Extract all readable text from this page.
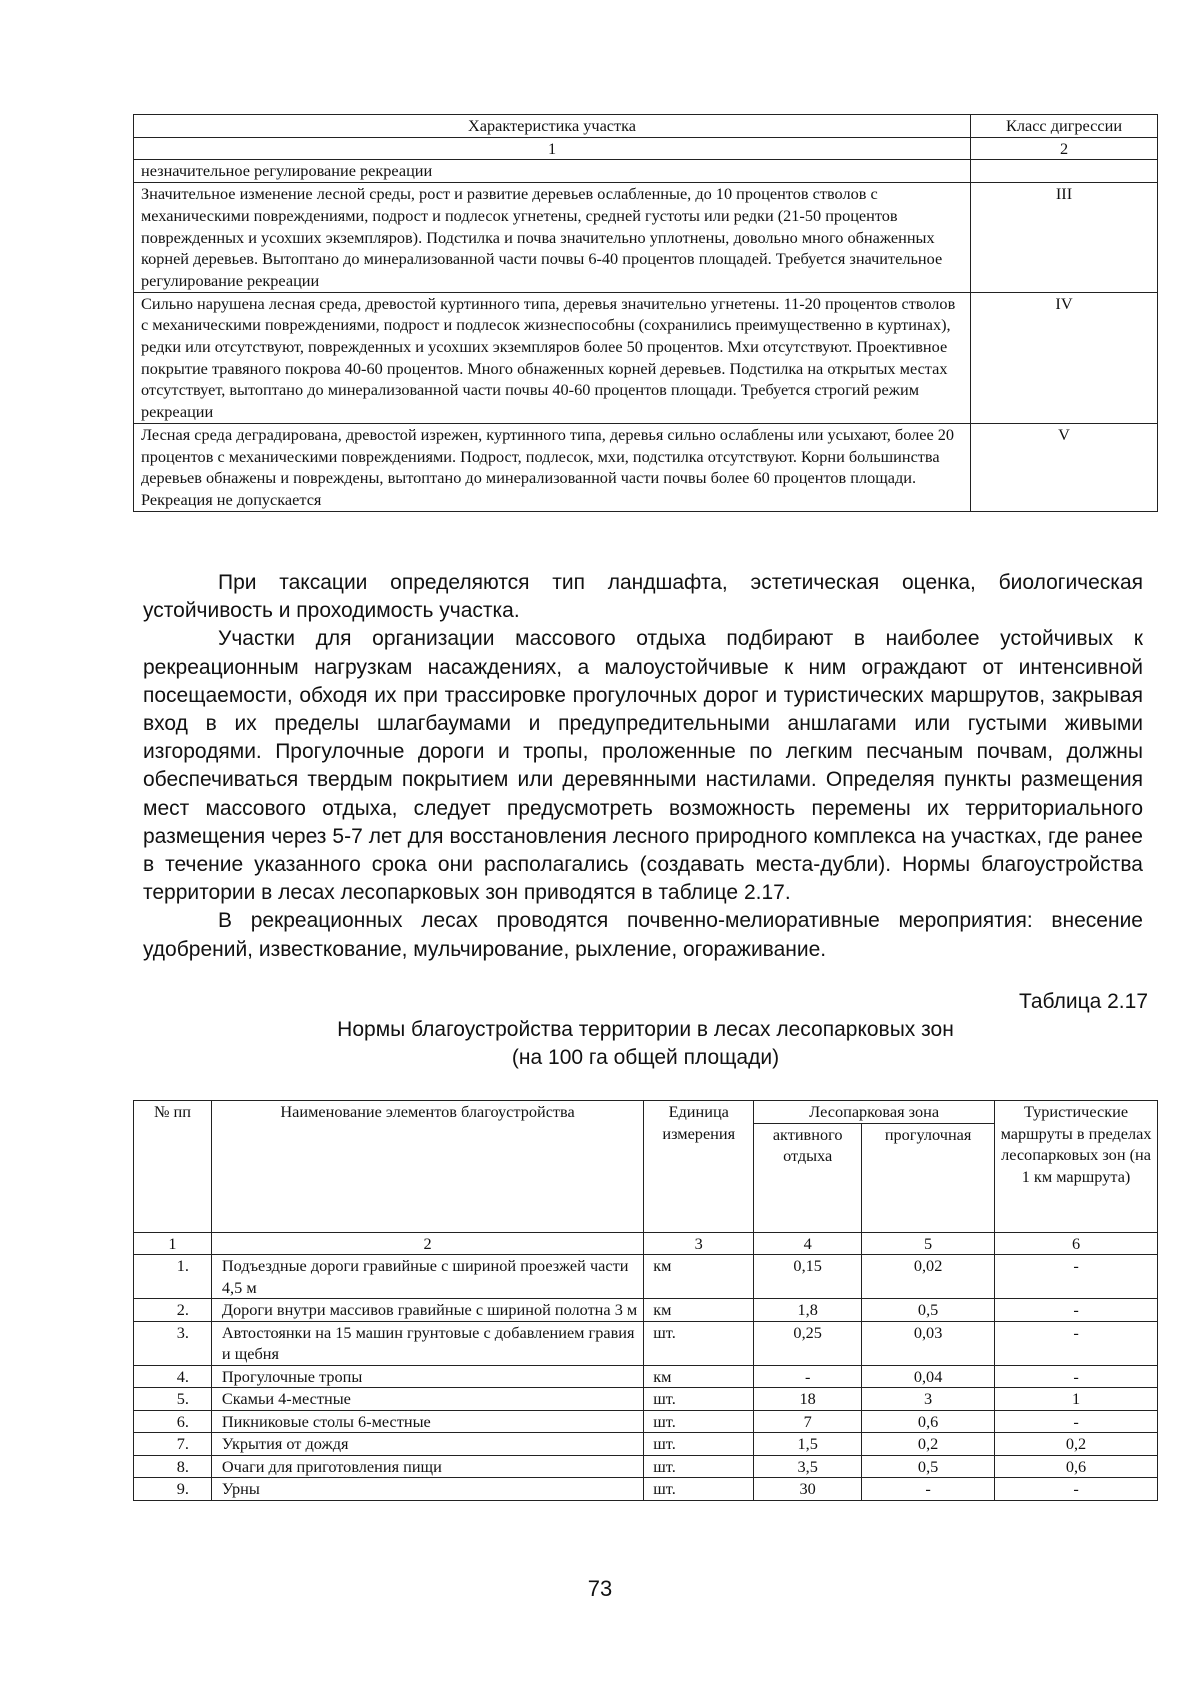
Характеристика участка	Класс дигрессии
1	2
незначительное регулирование рекреации	
Значительное изменение лесной среды, рост и развитие деревьев ослабленные, до 10 процентов стволов с механическими повреждениями, подрост и подлесок угнетены, средней густоты или редки (21-50 процентов поврежденных и усохших экземпляров). Подстилка и почва значительно уплотнены, довольно много обнаженных корней деревьев. Вытоптано до минерализованной части почвы 6-40 процентов площадей. Требуется значительное регулирование рекреации	III
Сильно нарушена лесная среда, древостой куртинного типа, деревья значительно угнетены. 11-20 процентов стволов с механическими повреждениями, подрост и подлесок жизнеспособны (сохранились преимущественно в куртинах), редки или отсутствуют, поврежденных и усохших экземпляров более 50 процентов. Мхи отсутствуют. Проективное покрытие травяного покрова 40-60 процентов. Много обнаженных корней деревьев. Подстилка на открытых местах отсутствует, вытоптано до минерализованной части почвы 40-60 процентов площади. Требуется строгий режим рекреации	IV
Лесная среда деградирована, древостой изрежен, куртинного типа, деревья сильно ослаблены или усыхают, более 20 процентов с механическими повреждениями. Подрост, подлесок, мхи, подстилка отсутствуют. Корни большинства деревьев обнажены и повреждены, вытоптано до минерализованной части почвы более 60 процентов площади. Рекреация не допускается	V

При таксации определяются тип ландшафта, эстетическая оценка, биологическая устойчивость и проходимость участка.

Участки для организации массового отдыха подбирают в наиболее устойчивых к рекреационным нагрузкам насаждениях, а малоустойчивые к ним ограждают от интенсивной посещаемости, обходя их при трассировке прогулочных дорог и туристических маршрутов, закрывая вход в их пределы шлагбаумами и предупредительными аншлагами или густыми живыми изгородями. Прогулочные дороги и тропы, проложенные по легким песчаным почвам, должны обеспечиваться твердым покрытием или деревянными настилами. Определяя пункты размещения мест массового отдыха, следует предусмотреть возможность перемены их территориального размещения через 5-7 лет для восстановления лесного природного комплекса на участках, где ранее в течение указанного срока они располагались (создавать места-дубли). Нормы благоустройства территории в лесах лесопарковых зон приводятся в таблице 2.17.

В рекреационных лесах проводятся почвенно-мелиоративные мероприятия: внесение удобрений, известкование, мульчирование, рыхление, огораживание.

Таблица 2.17
Нормы благоустройства территории в лесах лесопарковых зон
(на 100 га общей площади)
№ пп	Наименование элементов благоустройства	Единица измерения	Лесопарковая зона		Туристические маршруты в пределах лесопарковых зон (на 1 км маршрута)
			активного отдыха	прогулочная	
1	2	3	4	5	6
1.	Подъездные дороги гравийные с шириной проезжей части 4,5 м	км	0,15	0,02	-
2.	Дороги внутри массивов гравийные с шириной полотна 3 м	км	1,8	0,5	-
3.	Автостоянки на 15 машин грунтовые с добавлением гравия и щебня	шт.	0,25	0,03	-
4.	Прогулочные тропы	км	-	0,04	-
5.	Скамьи 4-местные	шт.	18	3	1
6.	Пикниковые столы 6-местные	шт.	7	0,6	-
7.	Укрытия от дождя	шт.	1,5	0,2	0,2
8.	Очаги для приготовления пищи	шт.	3,5	0,5	0,6
9.	Урны	шт.	30	-	-
73
